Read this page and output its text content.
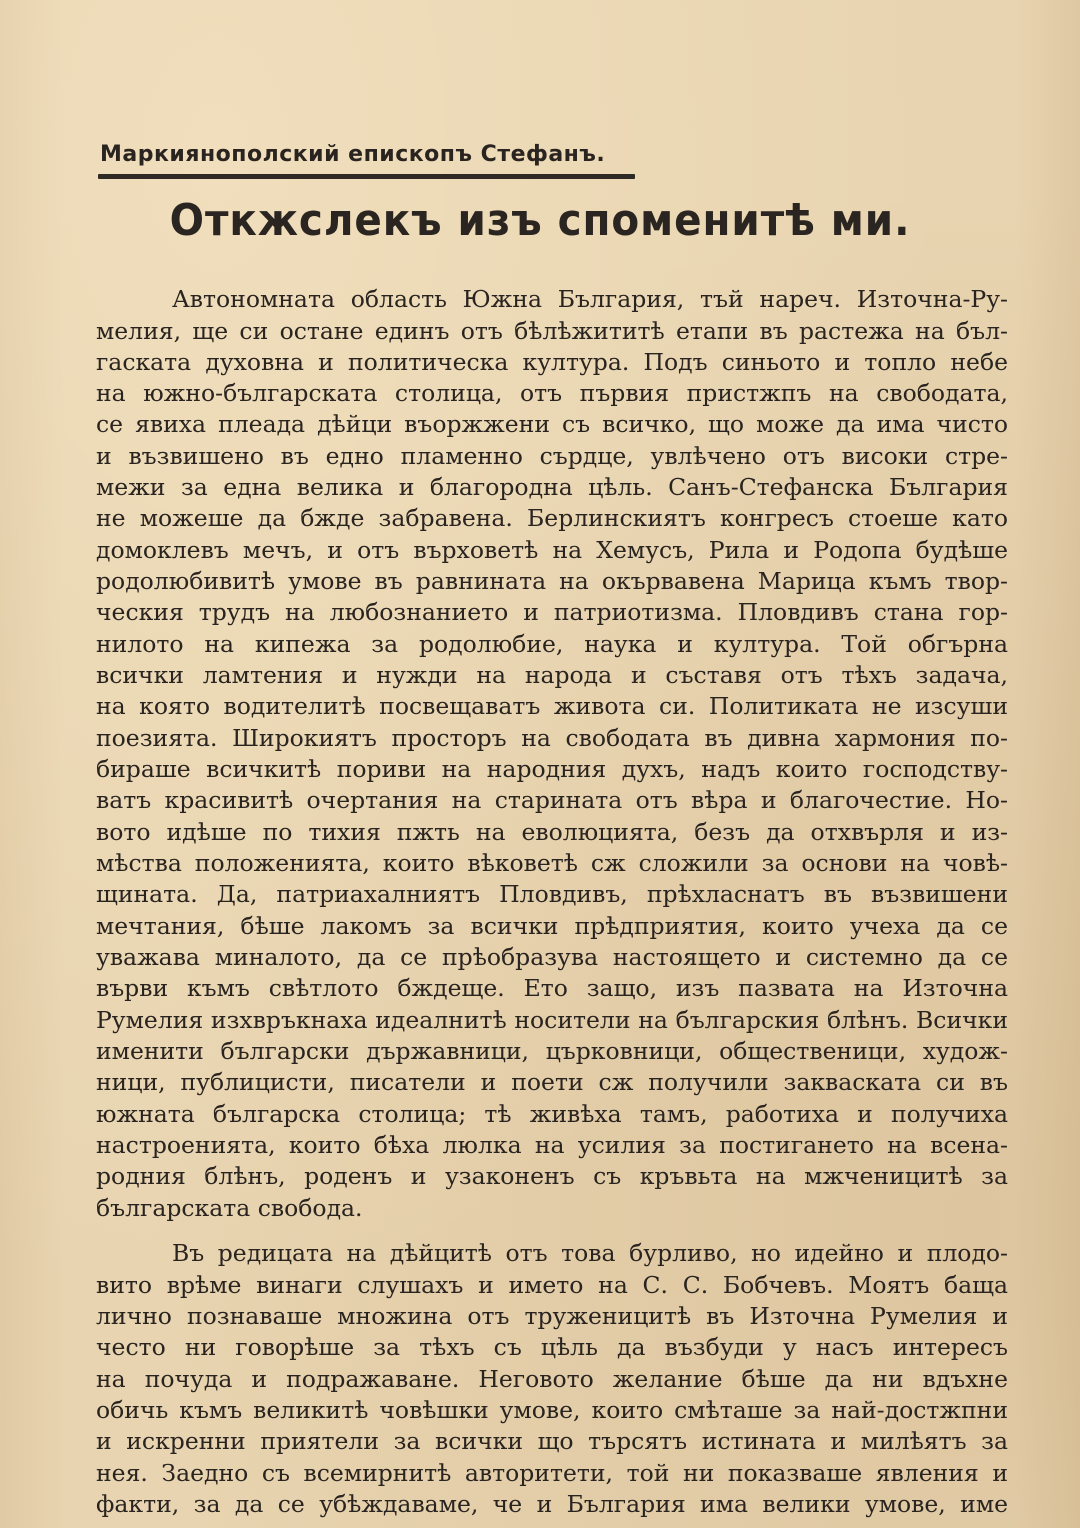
Маркиянополский епископъ Стефанъ.
Откжслекъ изъ споменитѣ ми.
Автономната область Южна България, тъй нареч. Източна-Ру-
мелия, ще си остане единъ отъ бѣлѣжититѣ етапи въ растежа на бъл-
гаската духовна и политическа култура. Подъ синьото и топло небе
на южно-българската столица, отъ първия пристжпъ на свободата,
се явиха плеада дѣйци въоржжени съ всичко, що може да има чисто
и възвишено въ едно пламенно сърдце, увлѣчено отъ високи стре-
межи за една велика и благородна цѣль. Санъ-Стефанска България
не можеше да бжде забравена. Берлинскиятъ конгресъ стоеше като
домоклевъ мечъ, и отъ върховетѣ на Хемусъ, Рила и Родопа будѣше
родолюбивитѣ умове въ равнината на окървавена Марица къмъ твор-
ческия трудъ на любознанието и патриотизма. Пловдивъ стана гор-
нилото на кипежа за родолюбие, наука и култура. Той обгърна
всички ламтения и нужди на народа и съставя отъ тѣхъ задача,
на която водителитѣ посвещаватъ живота си. Политиката не изсуши
поезията. Широкиятъ просторъ на свободата въ дивна хармония по-
бираше всичкитѣ пориви на народния духъ, надъ които господству-
ватъ красивитѣ очертания на старината отъ вѣра и благочестие. Но-
вото идѣше по тихия пжть на еволюцията, безъ да отхвърля и из-
мѣства положенията, които вѣковетѣ сж сложили за основи на човѣ-
щината. Да, патриахалниятъ Пловдивъ, прѣхласнатъ въ възвишени
мечтания, бѣше лакомъ за всички прѣдприятия, които учеха да се
уважава миналото, да се прѣобразува настоящето и системно да се
върви къмъ свѣтлото бждеще. Ето защо, изъ пазвата на Източна
Румелия изхвръкнаха идеалнитѣ носители на българския блѣнъ. Всички
именити български държавници, църковници, общественици, худож-
ници, публицисти, писатели и поети сж получили закваската си въ
южната българска столица; тѣ живѣха тамъ, работиха и получиха
настроенията, които бѣха люлка на усилия за постигането на всена-
родния блѣнъ, роденъ и узаконенъ съ кръвьта на мжченицитѣ за
българската свобода.
Въ редицата на дѣйцитѣ отъ това бурливо, но идейно и плодо-
вито врѣме винаги слушахъ и името на С. С. Бобчевъ. Моятъ баща
лично познаваше множина отъ труженицитѣ въ Източна Румелия и
често ни говорѣше за тѣхъ съ цѣль да възбуди у насъ интересъ
на почуда и подражаване. Неговото желание бѣше да ни вдъхне
обичь къмъ великитѣ човѣшки умове, които смѣташе за най-достжпни
и искренни приятели за всички що търсятъ истината и милѣятъ за
нея. Заедно съ всемирнитѣ авторитети, той ни показваше явления и
факти, за да се убѣждаваме, че и България има велики умове, име
